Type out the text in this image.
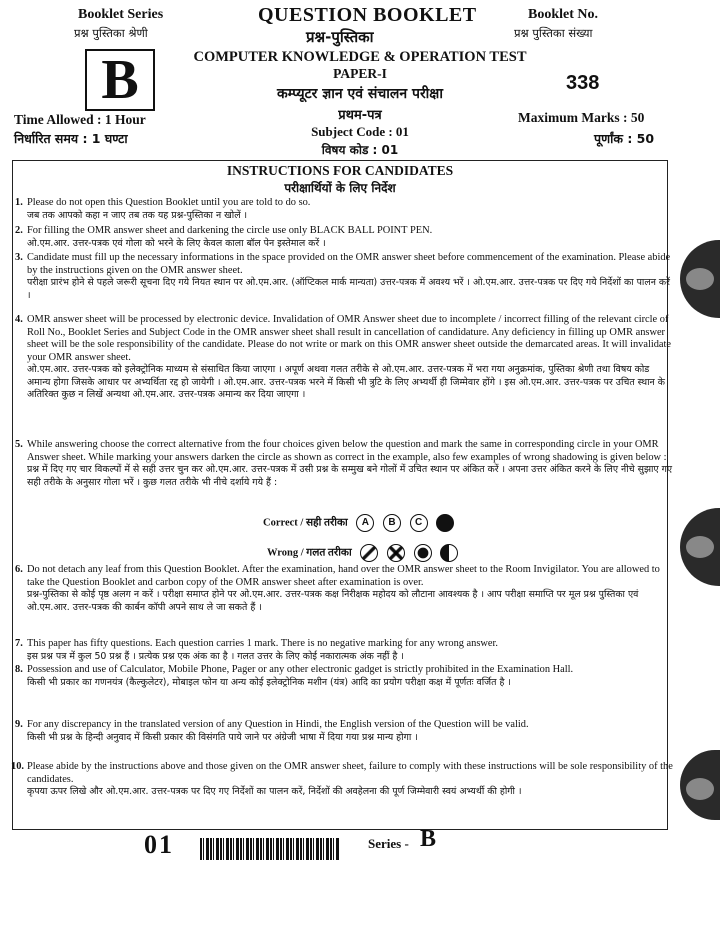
Booklet Series
प्रश्न पुस्तिका श्रेणी
B
QUESTION BOOKLET
प्रश्न-पुस्तिका
Booklet No.
प्रश्न पुस्तिका संख्या
338
COMPUTER KNOWLEDGE & OPERATION TEST
PAPER-I
कम्प्यूटर ज्ञान एवं संचालन परीक्षा
प्रथम-पत्र
Subject Code : 01
विषय कोड : 01
Time Allowed : 1 Hour
निर्धारित समय : 1 घण्टा
Maximum Marks : 50
पूर्णांक : 50
INSTRUCTIONS FOR CANDIDATES
परीक्षार्थियों के लिए निर्देश
1. Please do not open this Question Booklet until you are told to do so.
जब तक आपको कहा न जाए तब तक यह प्रश्न-पुस्तिका न खोलें ।
2. For filling the OMR answer sheet and darkening the circle use only BLACK BALL POINT PEN.
ओ.एम.आर. उत्तर-पत्रक एवं गोला को भरने के लिए केवल काला बॉल पेन इस्तेमाल करें ।
3. Candidate must fill up the necessary informations in the space provided on the OMR answer sheet before commencement of the examination. Please abide by the instructions given on the OMR answer sheet.
परीक्षा प्रारंभ होने से पहले जरूरी सूचना दिए गये नियत स्थान पर ओ.एम.आर. (ऑप्टिकल मार्क मान्यता) उत्तर-पत्रक में अवश्य भरें । ओ.एम.आर. उत्तर-पत्रक पर दिए गये निर्देशों का पालन करें ।
4. OMR answer sheet will be processed by electronic device. Invalidation of OMR Answer sheet due to incomplete / incorrect filling of the relevant circle of Roll No., Booklet Series and Subject Code in the OMR answer sheet shall result in cancellation of candidature. Any deficiency in filling up OMR answer sheet will be the sole responsibility of the candidate. Please do not write or mark on this OMR answer sheet outside the demarcated areas. It will invalidate your OMR answer sheet.
ओ.एम.आर. उत्तर-पत्रक को इलेक्ट्रोनिक माध्यम से संसाधित किया जाएगा । अपूर्ण अथवा गलत तरीके से ओ.एम.आर. उत्तर-पत्रक में भरा गया अनुक्रमांक, पुस्तिका श्रेणी तथा विषय कोड अमान्य होगा जिसके आधार पर अभ्यर्थिता रद्द हो जायेगी । ओ.एम.आर. उत्तर-पत्रक भरने में किसी भी त्रुटि के लिए अभ्यर्थी ही जिम्मेवार होंगे । इस ओ.एम.आर. उत्तर-पत्रक पर उचित स्थान के अतिरिक्त कुछ न लिखें अन्यथा ओ.एम.आर. उत्तर-पत्रक अमान्य कर दिया जाएगा ।
5. While answering choose the correct alternative from the four choices given below the question and mark the same in corresponding circle in your OMR Answer sheet. While marking your answers darken the circle as shown as correct in the example, also few examples of wrong shadowing is given below :
प्रश्न में दिए गए चार विकल्पों में से सही उत्तर चुन कर ओ.एम.आर. उत्तर-पत्रक में उसी प्रश्न के सम्मुख बने गोलों में उचित स्थान पर अंकित करें । अपना उत्तर अंकित करने के लिए नीचे सुझाए गए सही तरीके के अनुसार गोला भरें । कुछ गलत तरीके भी नीचे दर्शाये गये हैं :
Correct / सही तरीका A B C
Wrong / गलत तरीका
6. Do not detach any leaf from this Question Booklet. After the examination, hand over the OMR answer sheet to the Room Invigilator. You are allowed to take the Question Booklet and carbon copy of the OMR answer sheet after examination is over.
प्रश्न-पुस्तिका से कोई पृष्ठ अलग न करें । परीक्षा समाप्त होने पर ओ.एम.आर. उत्तर-पत्रक कक्ष निरीक्षक महोदय को लौटाना आवश्यक है । आप परीक्षा समाप्ति पर मूल प्रश्न पुस्तिका एवं ओ.एम.आर. उत्तर-पत्रक की कार्बन कॉपी अपने साथ ले जा सकते हैं ।
7. This paper has fifty questions. Each question carries 1 mark. There is no negative marking for any wrong answer.
इस प्रश्न पत्र में कुल 50 प्रश्न हैं । प्रत्येक प्रश्न एक अंक का है । गलत उत्तर के लिए कोई नकारात्मक अंक नहीं है ।
8. Possession and use of Calculator, Mobile Phone, Pager or any other electronic gadget is strictly prohibited in the Examination Hall.
किसी भी प्रकार का गणनयंत्र (कैल्कुलेटर), मोबाइल फोन या अन्य कोई इलेक्ट्रोनिक मशीन (यंत्र) आदि का प्रयोग परीक्षा कक्ष में पूर्णतः वर्जित है ।
9. For any discrepancy in the translated version of any Question in Hindi, the English version of the Question will be valid.
किसी भी प्रश्न के हिन्दी अनुवाद में किसी प्रकार की विसंगति पाये जाने पर अंग्रेजी भाषा में दिया गया प्रश्न मान्य होगा ।
10. Please abide by the instructions above and those given on the OMR answer sheet, failure to comply with these instructions will be sole responsibility of the candidates.
कृपया ऊपर लिखे और ओ.एम.आर. उत्तर-पत्रक पर दिए गए निर्देशों का पालन करें, निर्देशों की अवहेलना की पूर्ण जिम्मेवारी स्वयं अभ्यर्थी की होगी ।
01	Series - B
